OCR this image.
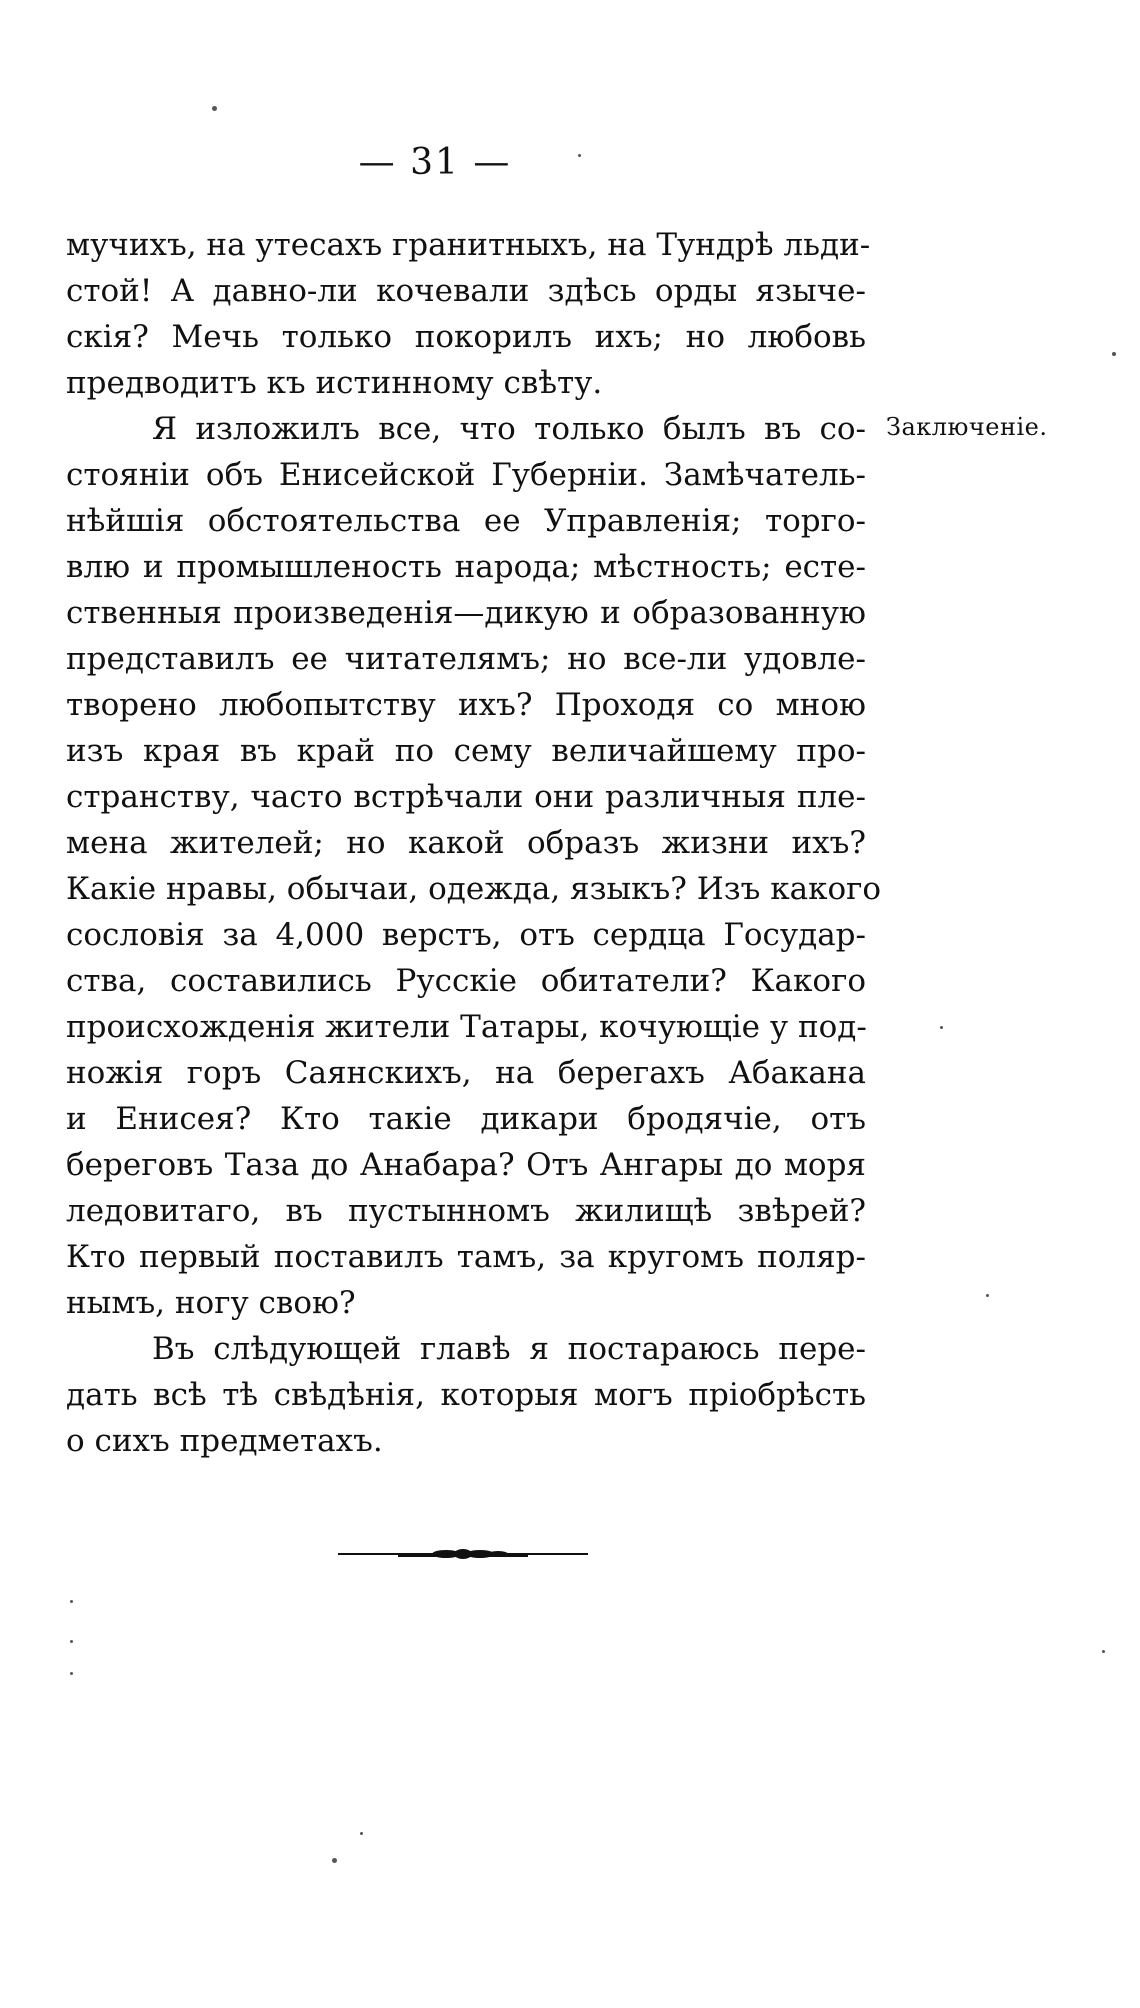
— 31 —
мучихъ, на утесахъ гранитныхъ, на Тундрѣ льди-
стой! А давно-ли кочевали здѣсь орды языче-
скія? Мечь только покорилъ ихъ; но любовь
предводитъ къ истинному свѣту.
Я изложилъ все, что только былъ въ со-
стояніи объ Енисейской Губерніи. Замѣчатель-
нѣйшія обстоятельства ее Управленія; торго-
влю и промышленость народа; мѣстность; есте-
ственныя произведенія—дикую и образованную
представилъ ее читателямъ; но все-ли удовле-
творено любопытству ихъ? Проходя со мною
изъ края въ край по сему величайшему про-
странству, часто встрѣчали они различныя пле-
мена жителей; но какой образъ жизни ихъ?
Какіе нравы, обычаи, одежда, языкъ? Изъ какого
сословія за 4,000 верстъ, отъ сердца Государ-
ства, составились Русскіе обитатели? Какого
происхожденія жители Татары, кочующіе у под-
ножія горъ Саянскихъ, на берегахъ Абакана
и Енисея? Кто такіе дикари бродячіе, отъ
береговъ Таза до Анабара? Отъ Ангары до моря
ледовитаго, въ пустынномъ жилищѣ звѣрей?
Кто первый поставилъ тамъ, за кругомъ поляр-
нымъ, ногу свою?
Въ слѣдующей главѣ я постараюсь пере-
дать всѣ тѣ свѣдѣнія, которыя могъ пріобрѣсть
о сихъ предметахъ.
Заключеніе.
